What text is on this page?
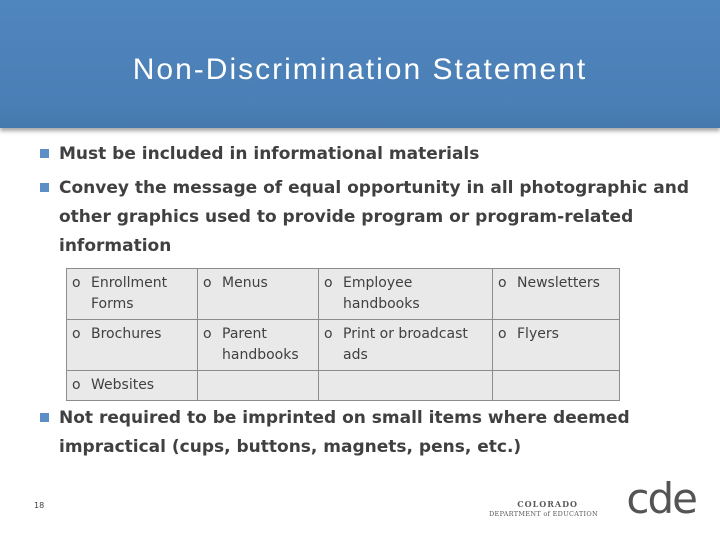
Non-Discrimination Statement
Must be included in informational materials
Convey the message of equal opportunity in all photographic and other graphics used to provide program or program-related information
o Enrollment Forms	o Menus	o Employee handbooks	o Newsletters

o Brochures	o Parent handbooks	o Print or broadcast ads	o Flyers

o Websites			

Not required to be imprinted on small items where deemed impractical (cups, buttons, magnets, pens, etc.)
18	COLORADO
DEPARTMENT of EDUCATION cde
